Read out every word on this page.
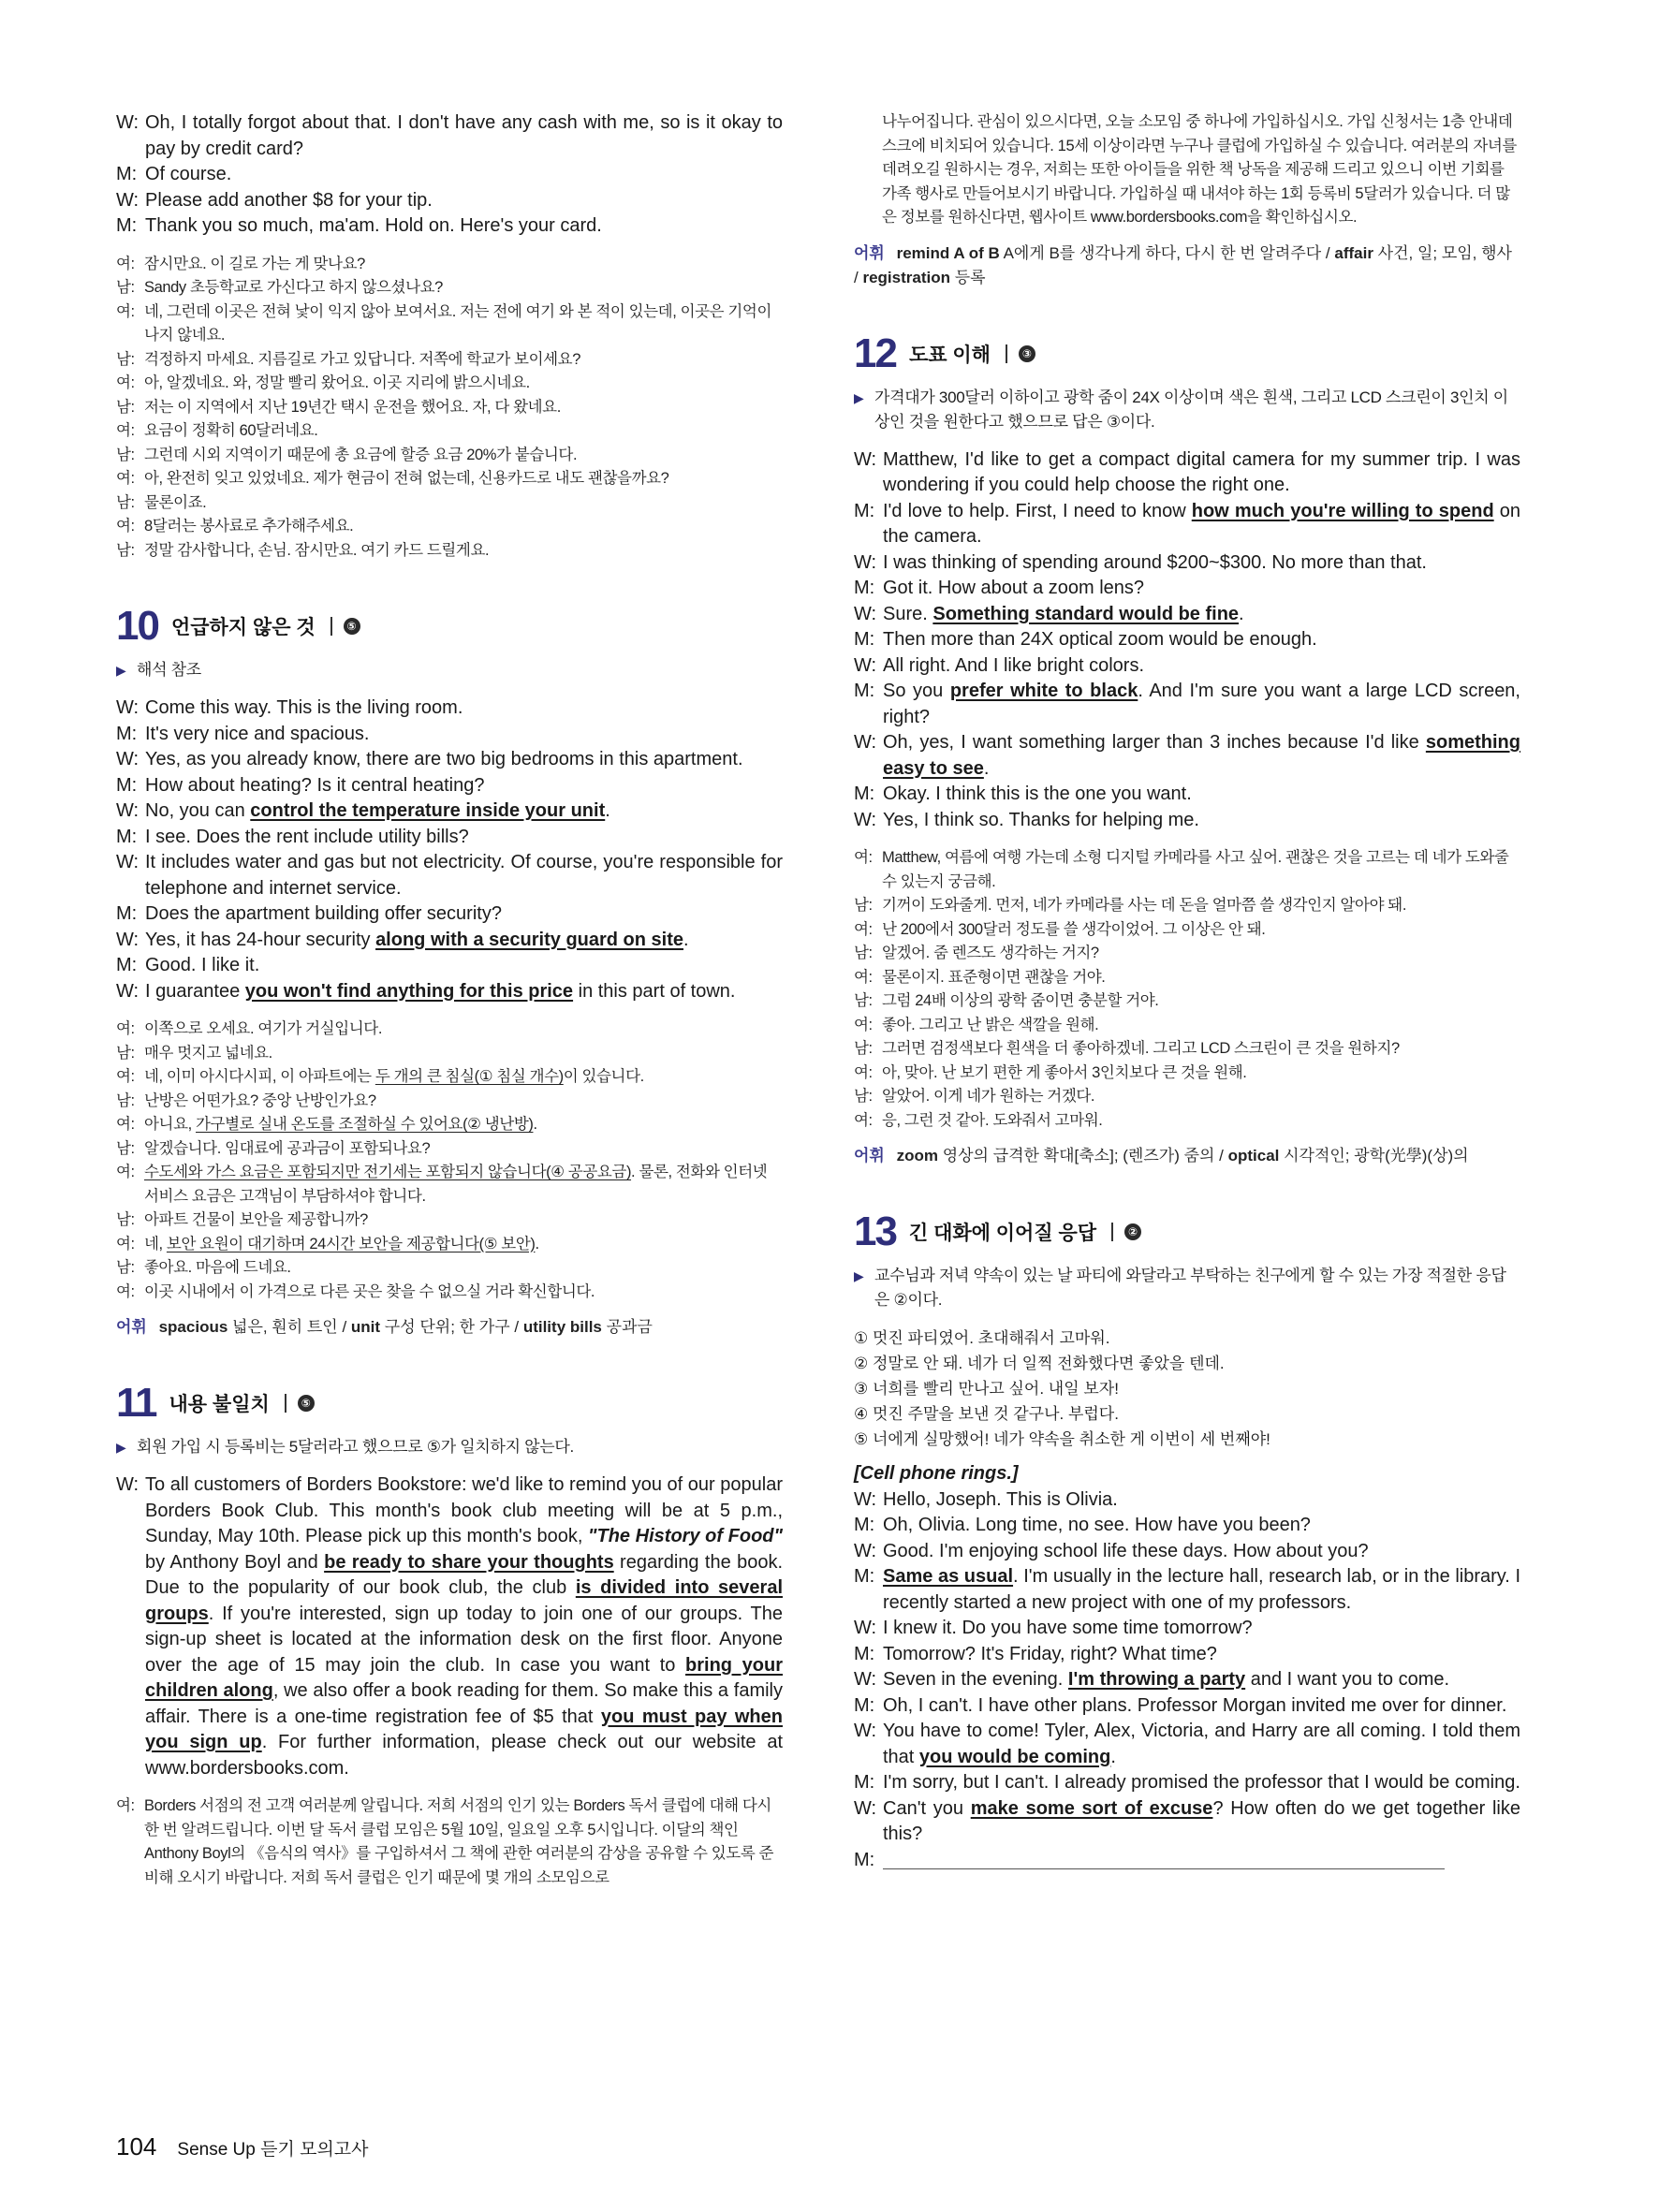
W: Oh, I totally forgot about that. I don't have any cash with me, so is it okay to pay by credit card?
M: Of course.
W: Please add another $8 for your tip.
M: Thank you so much, ma'am. Hold on. Here's your card.
여: 잠시만요. 이 길로 가는 게 맞나요?
남: Sandy 초등학교로 가신다고 하지 않으셨나요?
여: 네, 그런데 이곳은 전혀 낯이 익지 않아 보여서요. 저는 전에 여기 와 본 적이 있는데, 이곳은 기억이 나지 않네요.
남: 걱정하지 마세요. 지름길로 가고 있답니다. 저쪽에 학교가 보이세요?
여: 아, 알겠네요. 와, 정말 빨리 왔어요. 이곳 지리에 밝으시네요.
남: 저는 이 지역에서 지난 19년간 택시 운전을 했어요. 자, 다 왔네요.
여: 요금이 정확히 60달러네요.
남: 그런데 시외 지역이기 때문에 총 요금에 할증 요금 20%가 붙습니다.
여: 아, 완전히 잊고 있었네요. 제가 현금이 전혀 없는데, 신용카드로 내도 괜찮을까요?
남: 물론이죠.
여: 8달러는 봉사료로 추가해주세요.
남: 정말 감사합니다, 손님. 잠시만요. 여기 카드 드릴게요.
10 언급하지 않은 것	⑤
▶ 해석 참조
W: Come this way. This is the living room.
M: It's very nice and spacious.
W: Yes, as you already know, there are two big bedrooms in this apartment.
M: How about heating? Is it central heating?
W: No, you can control the temperature inside your unit.
M: I see. Does the rent include utility bills?
W: It includes water and gas but not electricity. Of course, you're responsible for telephone and internet service.
M: Does the apartment building offer security?
W: Yes, it has 24-hour security along with a security guard on site.
M: Good. I like it.
W: I guarantee you won't find anything for this price in this part of town.
여: 이쪽으로 오세요. 여기가 거실입니다.
남: 매우 멋지고 넓네요.
여: 네, 이미 아시다시피, 이 아파트에는 두 개의 큰 침실(① 침실 개수)이 있습니다.
남: 난방은 어떤가요? 중앙 난방인가요?
여: 아니요, 가구별로 실내 온도를 조절하실 수 있어요(② 냉난방).
남: 알겠습니다. 임대료에 공과금이 포함되나요?
여: 수도세와 가스 요금은 포함되지만 전기세는 포함되지 않습니다(④ 공공요금). 물론, 전화와 인터넷 서비스 요금은 고객님이 부담하셔야 합니다.
남: 아파트 건물이 보안을 제공합니까?
여: 네, 보안 요원이 대기하며 24시간 보안을 제공합니다(⑤ 보안).
남: 좋아요. 마음에 드네요.
여: 이곳 시내에서 이 가격으로 다른 곳은 찾을 수 없으실 거라 확신합니다.
어휘 spacious 넓은, 훤히 트인 / unit 구성 단위; 한 가구 / utility bills 공과금
11 내용 불일치	⑤
▶ 회원 가입 시 등록비는 5달러라고 했으므로 ⑤가 일치하지 않는다.
W: To all customers of Borders Bookstore: we'd like to remind you of our popular Borders Book Club. This month's book club meeting will be at 5 p.m., Sunday, May 10th. Please pick up this month's book, "The History of Food" by Anthony Boyl and be ready to share your thoughts regarding the book. Due to the popularity of our book club, the club is divided into several groups. If you're interested, sign up today to join one of our groups. The sign-up sheet is located at the information desk on the first floor. Anyone over the age of 15 may join the club. In case you want to bring your children along, we also offer a book reading for them. So make this a family affair. There is a one-time registration fee of $5 that you must pay when you sign up. For further information, please check out our website at www.bordersbooks.com.
여: Borders 서점의 전 고객 여러분께 알립니다. 저희 서점의 인기 있는 Borders 독서 클럽에 대해 다시 한 번 알려드립니다. 이번 달 독서 클럽 모임은 5월 10일, 일요일 오후 5시입니다. 이달의 책인 Anthony Boyl의 《음식의 역사》를 구입하셔서 그 책에 관한 여러분의 감상을 공유할 수 있도록 준비해 오시기 바랍니다. 저희 독서 클럽은 인기 때문에 몇 개의 소모임으로
나누어집니다. 관심이 있으시다면, 오늘 소모임 중 하나에 가입하십시오. 가입 신청서는 1층 안내데스크에 비치되어 있습니다. 15세 이상이라면 누구나 클럽에 가입하실 수 있습니다. 여러분의 자녀를 데려오길 원하시는 경우, 저희는 또한 아이들을 위한 책 낭독을 제공해 드리고 있으니 이번 기회를 가족 행사로 만들어보시기 바랍니다. 가입하실 때 내셔야 하는 1회 등록비 5달러가 있습니다. 더 많은 정보를 원하신다면, 웹사이트 www.bordersbooks.com을 확인하십시오.
어휘 remind A of B A에게 B를 생각나게 하다, 다시 한 번 알려주다 / affair 사건, 일; 모임, 행사 / registration 등록
12 도표 이해	③
▶ 가격대가 300달러 이하이고 광학 줌이 24X 이상이며 색은 흰색, 그리고 LCD 스크린이 3인치 이상인 것을 원한다고 했으므로 답은 ③이다.
W: Matthew, I'd like to get a compact digital camera for my summer trip. I was wondering if you could help choose the right one.
M: I'd love to help. First, I need to know how much you're willing to spend on the camera.
W: I was thinking of spending around $200~$300. No more than that.
M: Got it. How about a zoom lens?
W: Sure. Something standard would be fine.
M: Then more than 24X optical zoom would be enough.
W: All right. And I like bright colors.
M: So you prefer white to black. And I'm sure you want a large LCD screen, right?
W: Oh, yes, I want something larger than 3 inches because I'd like something easy to see.
M: Okay. I think this is the one you want.
W: Yes, I think so. Thanks for helping me.
여: Matthew, 여름에 여행 가는데 소형 디지털 카메라를 사고 싶어. 괜찮은 것을 고르는 데 네가 도와줄 수 있는지 궁금해.
남: 기꺼이 도와줄게. 먼저, 네가 카메라를 사는 데 돈을 얼마쯤 쓸 생각인지 알아야 돼.
여: 난 200에서 300달러 정도를 쓸 생각이었어. 그 이상은 안 돼.
남: 알겠어. 줌 렌즈도 생각하는 거지?
여: 물론이지. 표준형이면 괜찮을 거야.
남: 그럼 24배 이상의 광학 줌이면 충분할 거야.
여: 좋아. 그리고 난 밝은 색깔을 원해.
남: 그러면 검정색보다 흰색을 더 좋아하겠네. 그리고 LCD 스크린이 큰 것을 원하지?
여: 아, 맞아. 난 보기 편한 게 좋아서 3인치보다 큰 것을 원해.
남: 알았어. 이게 네가 원하는 거겠다.
여: 응, 그런 것 같아. 도와줘서 고마워.
어휘 zoom 영상의 급격한 확대[축소]; (렌즈가) 줌의 / optical 시각적인; 광학(光學)(상)의
13 긴 대화에 이어질 응답	②
▶ 교수님과 저녁 약속이 있는 날 파티에 와달라고 부탁하는 친구에게 할 수 있는 가장 적절한 응답은 ②이다.
① 멋진 파티였어. 초대해줘서 고마워.
② 정말로 안 돼. 네가 더 일찍 전화했다면 좋았을 텐데.
③ 너희를 빨리 만나고 싶어. 내일 보자!
④ 멋진 주말을 보낸 것 같구나. 부럽다.
⑤ 너에게 실망했어! 네가 약속을 취소한 게 이번이 세 번째야!
[Cell phone rings.]
W: Hello, Joseph. This is Olivia.
M: Oh, Olivia. Long time, no see. How have you been?
W: Good. I'm enjoying school life these days. How about you?
M: Same as usual. I'm usually in the lecture hall, research lab, or in the library. I recently started a new project with one of my professors.
W: I knew it. Do you have some time tomorrow?
M: Tomorrow? It's Friday, right? What time?
W: Seven in the evening. I'm throwing a party and I want you to come.
M: Oh, I can't. I have other plans. Professor Morgan invited me over for dinner.
W: You have to come! Tyler, Alex, Victoria, and Harry are all coming. I told them that you would be coming.
M: I'm sorry, but I can't. I already promised the professor that I would be coming.
W: Can't you make some sort of excuse? How often do we get together like this?
M:
104 Sense Up 듣기 모의고사
